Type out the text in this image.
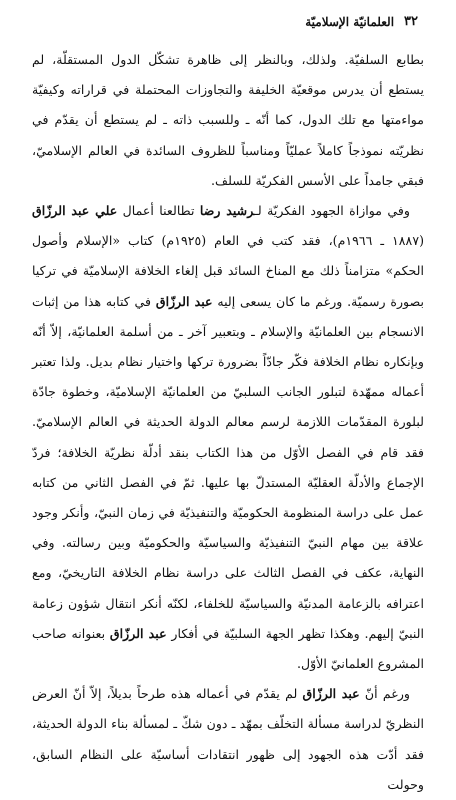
٣٢
العلمانيّة الإسلاميّة

بطابع السلفيّة. ولذلك، وبالنظر إلى ظاهرة تشكّل الدول المستقلّة، لم يستطع أن يدرس موقعيّة الخليفة والتجاوزات المحتملة في قراراته وكيفيّة مواءمتها مع تلك الدول، كما أنّه ـ وللسبب ذاته ـ لم يستطع أن يقدّم في نظريّته نموذجاً كاملاً عمليّاً ومناسباً للظروف السائدة في العالم الإسلاميّ، فبقي جامداً على الأسس الفكريّة للسلف.

وفي موازاة الجهود الفكريّة لـرشيد رضا تطالعنا أعمال علي عبد الرزّاق (١٨٨٧ ـ ١٩٦٦م)، فقد كتب في العام (١٩٢٥م) كتاب «الإسلام وأصول الحكم» متزامناً ذلك مع المناخ السائد قبل إلغاء الخلافة الإسلاميّة في تركيا بصورة رسميّة. ورغم ما كان يسعى إليه عبد الرزّاق في كتابه هذا من إثبات الانسجام بين العلمانيّة والإسلام ـ وبتعبير آخر ـ من أسلمة العلمانيّة، إلاّ أنّه وبإنكاره نظام الخلافة فكّر جادّاً بضرورة تركها واختيار نظام بديل. ولذا تعتبر أعماله ممهّدة لتبلور الجانب السلبيّ من العلمانيّة الإسلاميّة، وخطوة جادّة لبلورة المقدّمات اللازمة لرسم معالم الدولة الحديثة في العالم الإسلاميّ. فقد قام في الفصل الأوّل من هذا الكتاب بنقد أدلّة نظريّة الخلافة؛ فردّ الإجماع والأدلّة العقليّة المستدلّ بها عليها. ثمّ في الفصل الثاني من كتابه عمل على دراسة المنظومة الحكوميّة والتنفيذيّة في زمان النبيّ، وأنكر وجود علاقة بين مهام النبيّ التنفيذيّة والسياسيّة والحكوميّة وبين رسالته. وفي النهاية، عكف في الفصل الثالث على دراسة نظام الخلافة التاريخيّ، ومع اعترافه بالزعامة المدنيّة والسياسيّة للخلفاء، لكنّه أنكر انتقال شؤون زعامة النبيّ إليهم. وهكذا تظهر الجهة السلبيّة في أفكار عبد الرزّاق بعنوانه صاحب المشروع العلمانيّ الأوّل.

ورغم أنّ عبد الرزّاق لم يقدّم في أعماله هذه طرحاً بديلاً، إلاّ أنّ العرض النظريّ لدراسة مسألة التخلّف بمهّد ـ دون شكّ ـ لمسألة بناء الدولة الحديثة، فقد أدّت هذه الجهود إلى ظهور انتقادات أساسيّة على النظام السابق، وحولت
